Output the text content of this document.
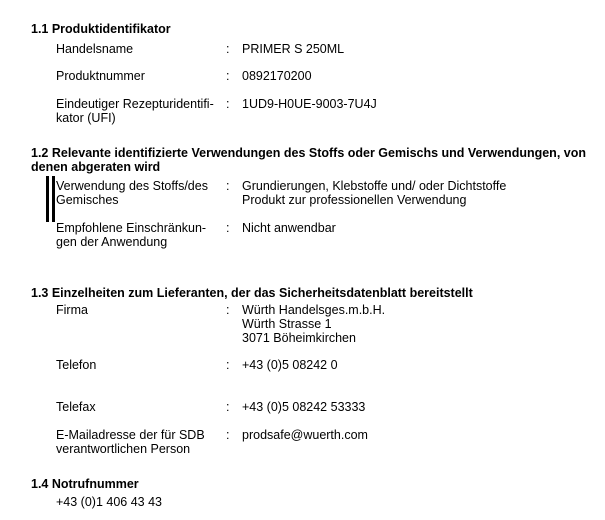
1.1 Produktidentifikator
Handelsname	: PRIMER S 250ML
Produktnummer	: 0892170200
Eindeutiger Rezepturidentifi-
kator (UFI)
: 1UD9-H0UE-9003-7U4J
1.2 Relevante identifizierte Verwendungen des Stoffs oder Gemischs und Verwendungen, von
denen abgeraten wird
Verwendung des Stoffs/des
Gemisches
: Grundierungen, Klebstoffe und/ oder Dichtstoffe
Produkt zur professionellen Verwendung
Empfohlene Einschränkun-
gen der Anwendung
: Nicht anwendbar
1.3 Einzelheiten zum Lieferanten, der das Sicherheitsdatenblatt bereitstellt
Firma	: Würth Handelsges.m.b.H.
Würth Strasse 1
3071 Böheimkirchen
Telefon	: +43 (0)5 08242 0
Telefax	: +43 (0)5 08242 53333
E-Mailadresse der für SDB
verantwortlichen Person
: prodsafe@wuerth.com
1.4 Notrufnummer
+43 (0)1 406 43 43
